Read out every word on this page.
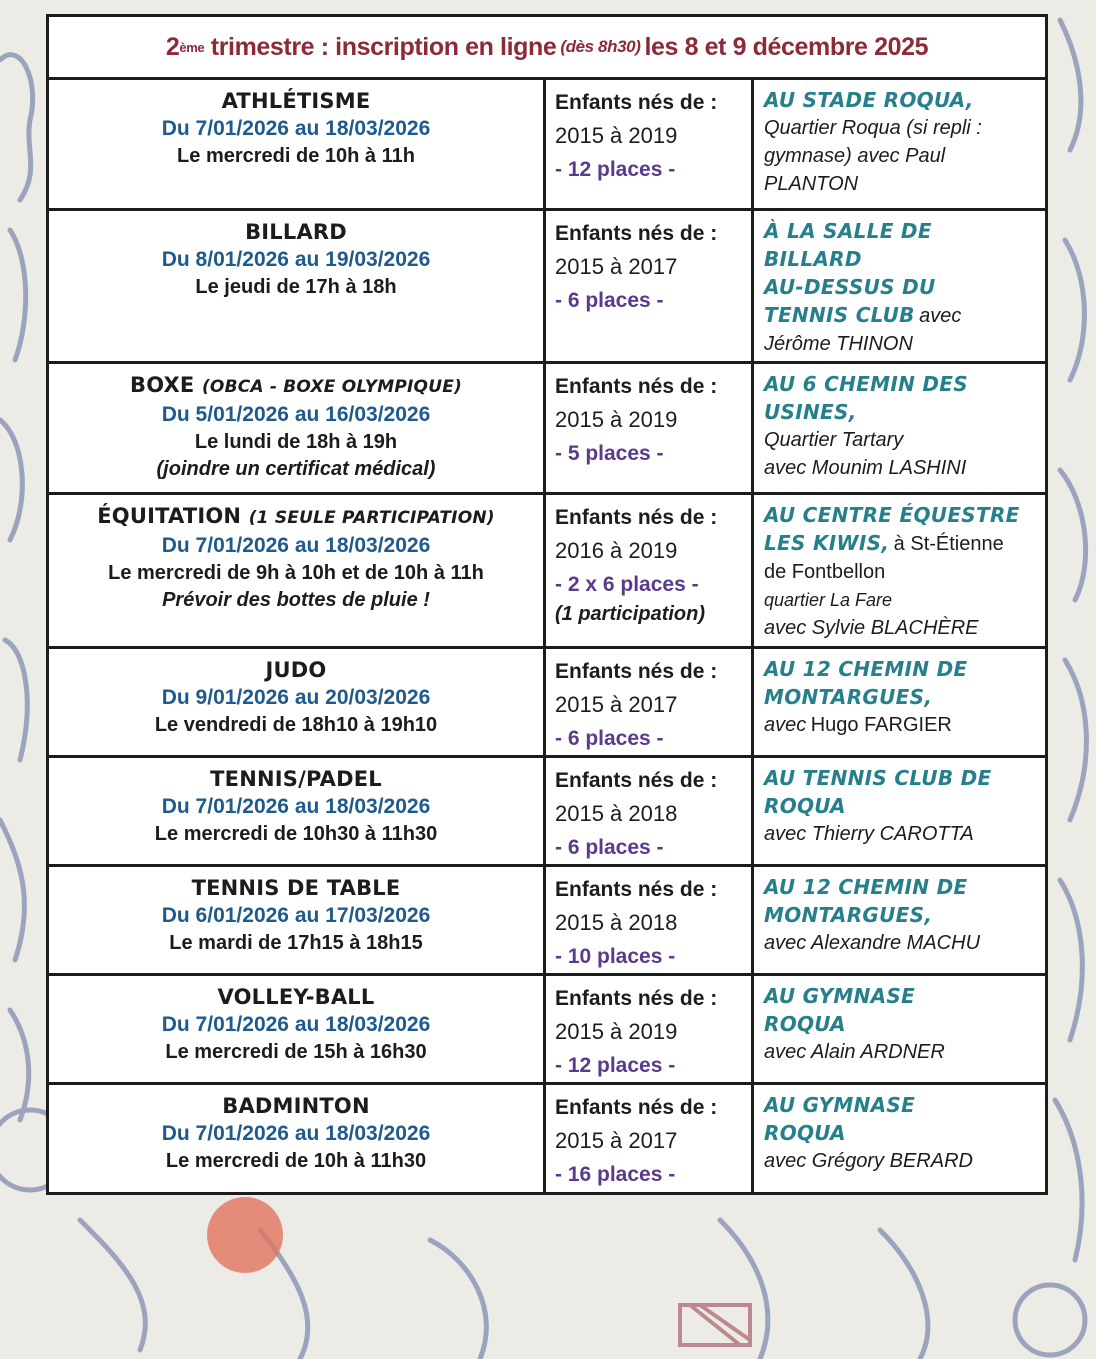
2 ème
trimestre : inscription en ligne (dès 8h30) les 8 et 9 décembre 2025
ATHLÉTISME
Du 7/01/2026 au 18/03/2026
Le mercredi de 10h à 11h
Enfants nés de :
2015 à 2019
- 12 places -
AU STADE ROQUA,
Quartier Roqua (si repli :
gymnase) avec Paul
PLANTON
BILLARD
Du 8/01/2026 au 19/03/2026
Le jeudi de 17h à 18h
Enfants nés de :
2015 à 2017
- 6 places -
À LA SALLE DE
BILLARD
AU-DESSUS DU
TENNIS CLUB avec
Jérôme THINON
BOXE (OBCA - BOXE OLYMPIQUE)
Du 5/01/2026 au 16/03/2026
Le lundi de 18h à 19h
(joindre un certificat médical)
Enfants nés de :
2015 à 2019
- 5 places -
AU 6 CHEMIN DES
USINES,
Quartier Tartary
avec Mounim LASHINI
ÉQUITATION (1 SEULE PARTICIPATION)
Du 7/01/2026 au 18/03/2026
Le mercredi de 9h à 10h et de 10h à 11h
Prévoir des bottes de pluie !
Enfants nés de :
2016 à 2019
- 2 x 6 places -
(1 participation)
AU CENTRE ÉQUESTRE
LES KIWIS, à St-Étienne
de Fontbellon
quartier La Fare
avec Sylvie BLACHÈRE
JUDO
Du 9/01/2026 au 20/03/2026
Le vendredi de 18h10 à 19h10
Enfants nés de :
2015 à 2017
- 6 places -
AU 12 CHEMIN DE
MONTARGUES,
avec Hugo FARGIER
TENNIS/PADEL
Du 7/01/2026 au 18/03/2026
Le mercredi de 10h30 à 11h30
Enfants nés de :
2015 à 2018
- 6 places -
AU TENNIS CLUB DE
ROQUA
avec Thierry CAROTTA
TENNIS DE TABLE
Du 6/01/2026 au 17/03/2026
Le mardi de 17h15 à 18h15
Enfants nés de :
2015 à 2018
- 10 places -
AU 12 CHEMIN DE
MONTARGUES,
avec Alexandre MACHU
VOLLEY-BALL
Du 7/01/2026 au 18/03/2026
Le mercredi de 15h à 16h30
Enfants nés de :
2015 à 2019
- 12 places -
AU GYMNASE
ROQUA
avec Alain ARDNER
BADMINTON
Du 7/01/2026 au 18/03/2026
Le mercredi de 10h à 11h30
Enfants nés de :
2015 à 2017
- 16 places -
AU GYMNASE
ROQUA
avec Grégory BERARD
